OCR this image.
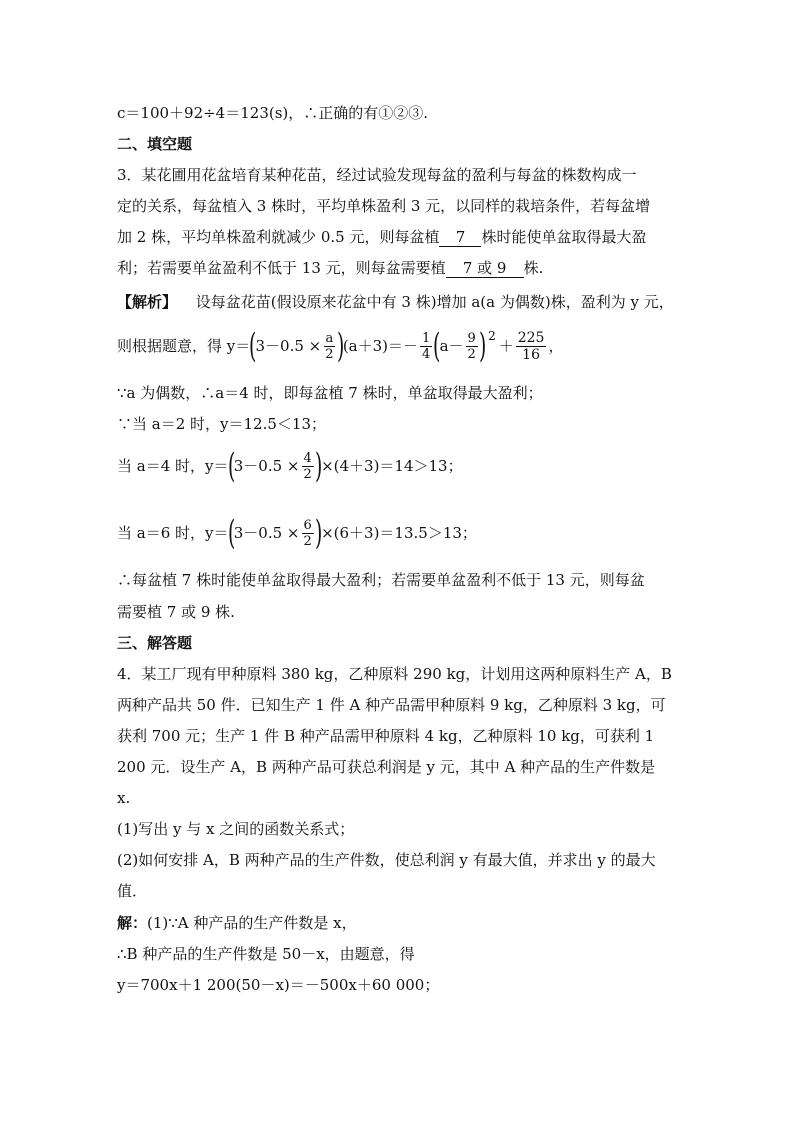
c＝100＋92÷4＝123(s)，∴正确的有①②③.
二、填空题
3．某花圃用花盆培育某种花苗，经过试验发现每盆的盈利与每盆的株数构成一
定的关系，每盆植入 3 株时，平均单株盈利 3 元，以同样的栽培条件，若每盆增
加 2 株，平均单株盈利就减少 0.5 元，则每盆植 7 株时能使单盆取得最大盈
利；若需要单盆盈利不低于 13 元，则每盆需要植 7 或 9 株.
【解析】 设每盆花苗(假设原来花盆中有 3 株)增加 a(a 为偶数)株，盈利为 y 元，
则根据题意，得 y＝
(
$3-0.5 \times \frac{a}{2}$ )
$(a+3)=- \frac{1}{4}$ (
$a- \frac{9}{2}$ ) 2
＋ $\frac{225}{16}$ ，
∵a 为偶数，∴a＝4 时，即每盆植 7 株时，单盆取得最大盈利；
∵当 a＝2 时，y＝12.5＜13；
当 a＝4 时，y＝
(
$3-0.5 \times \frac{4}{2}$ )
×(4＋3)＝14＞13；
当 a＝6 时，y＝
(
$3-0.5 \times \frac{6}{2}$ )
×(6＋3)＝13.5＞13；
∴每盆植 7 株时能使单盆取得最大盈利；若需要单盆盈利不低于 13 元，则每盆
需要植 7 或 9 株.
三、解答题
4．某工厂现有甲种原料 380 kg，乙种原料 290 kg，计划用这两种原料生产 A，B
两种产品共 50 件．已知生产 1 件 A 种产品需甲种原料 9 kg，乙种原料 3 kg，可
获利 700 元；生产 1 件 B 种产品需甲种原料 4 kg，乙种原料 10 kg，可获利 1
200 元．设生产 A，B 两种产品可获总利润是 y 元，其中 A 种产品的生产件数是
x.
(1)写出 y 与 x 之间的函数关系式；
(2)如何安排 A，B 两种产品的生产件数，使总利润 y 有最大值，并求出 y 的最大
值．
解：(1)∵A 种产品的生产件数是 x，
∴B 种产品的生产件数是 50－x，由题意，得
y＝700x＋1 200(50－x)＝－500x＋60 000；
